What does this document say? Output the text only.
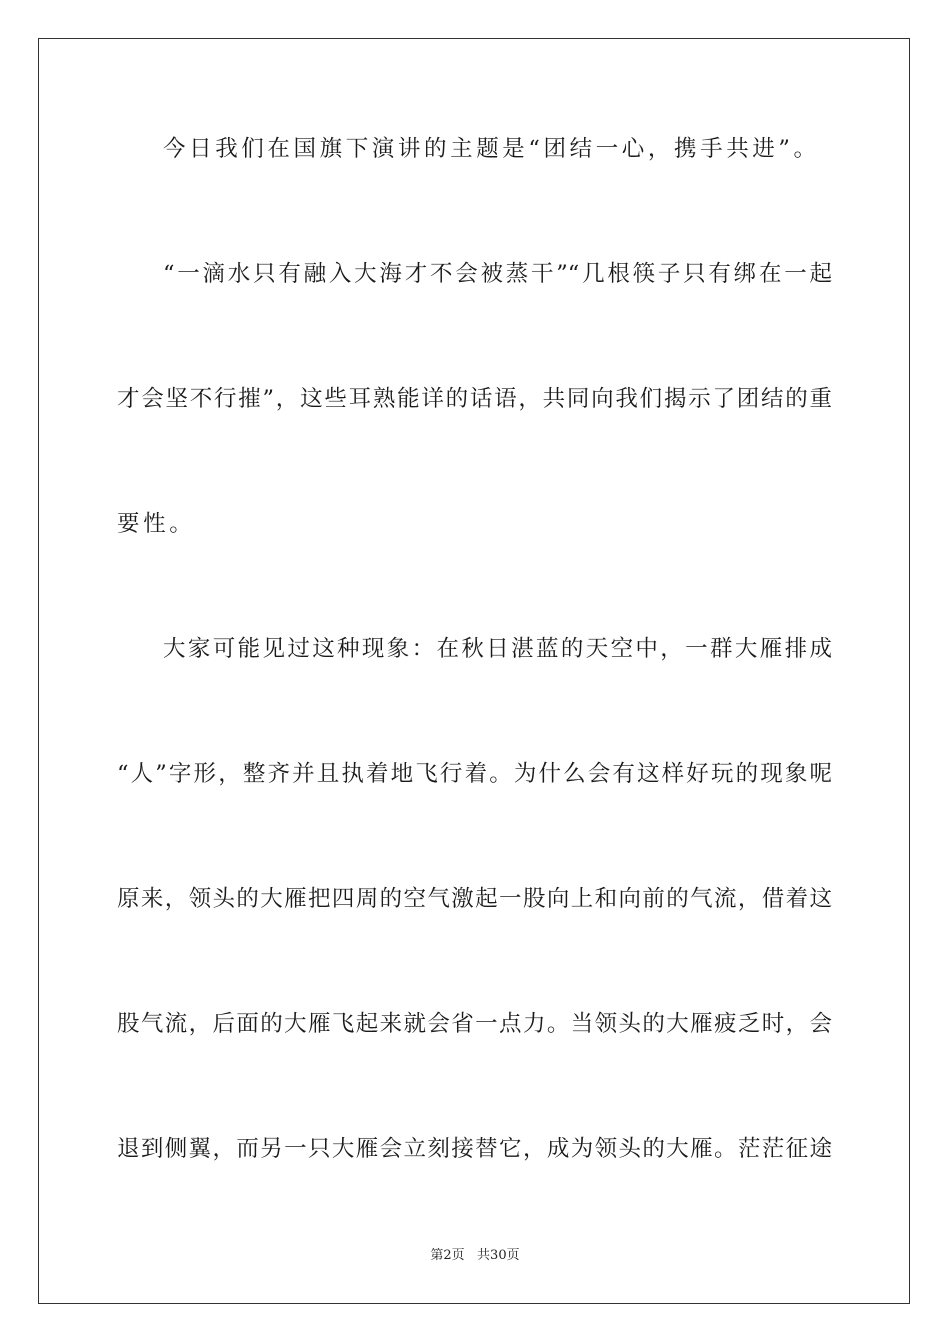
今日我们在国旗下演讲的主题是“团结一心，携手共进”。
“一滴水只有融入大海才不会被蒸干”“几根筷子只有绑在一起
才会坚不行摧”，这些耳熟能详的话语，共同向我们揭示了团结的重
要性。
大家可能见过这种现象：在秋日湛蓝的天空中，一群大雁排成
“人”字形，整齐并且执着地飞行着。为什么会有这样好玩的现象呢
原来，领头的大雁把四周的空气激起一股向上和向前的气流，借着这
股气流，后面的大雁飞起来就会省一点力。当领头的大雁疲乏时，会
退到侧翼，而另一只大雁会立刻接替它，成为领头的大雁。茫茫征途
第2页   共30页
